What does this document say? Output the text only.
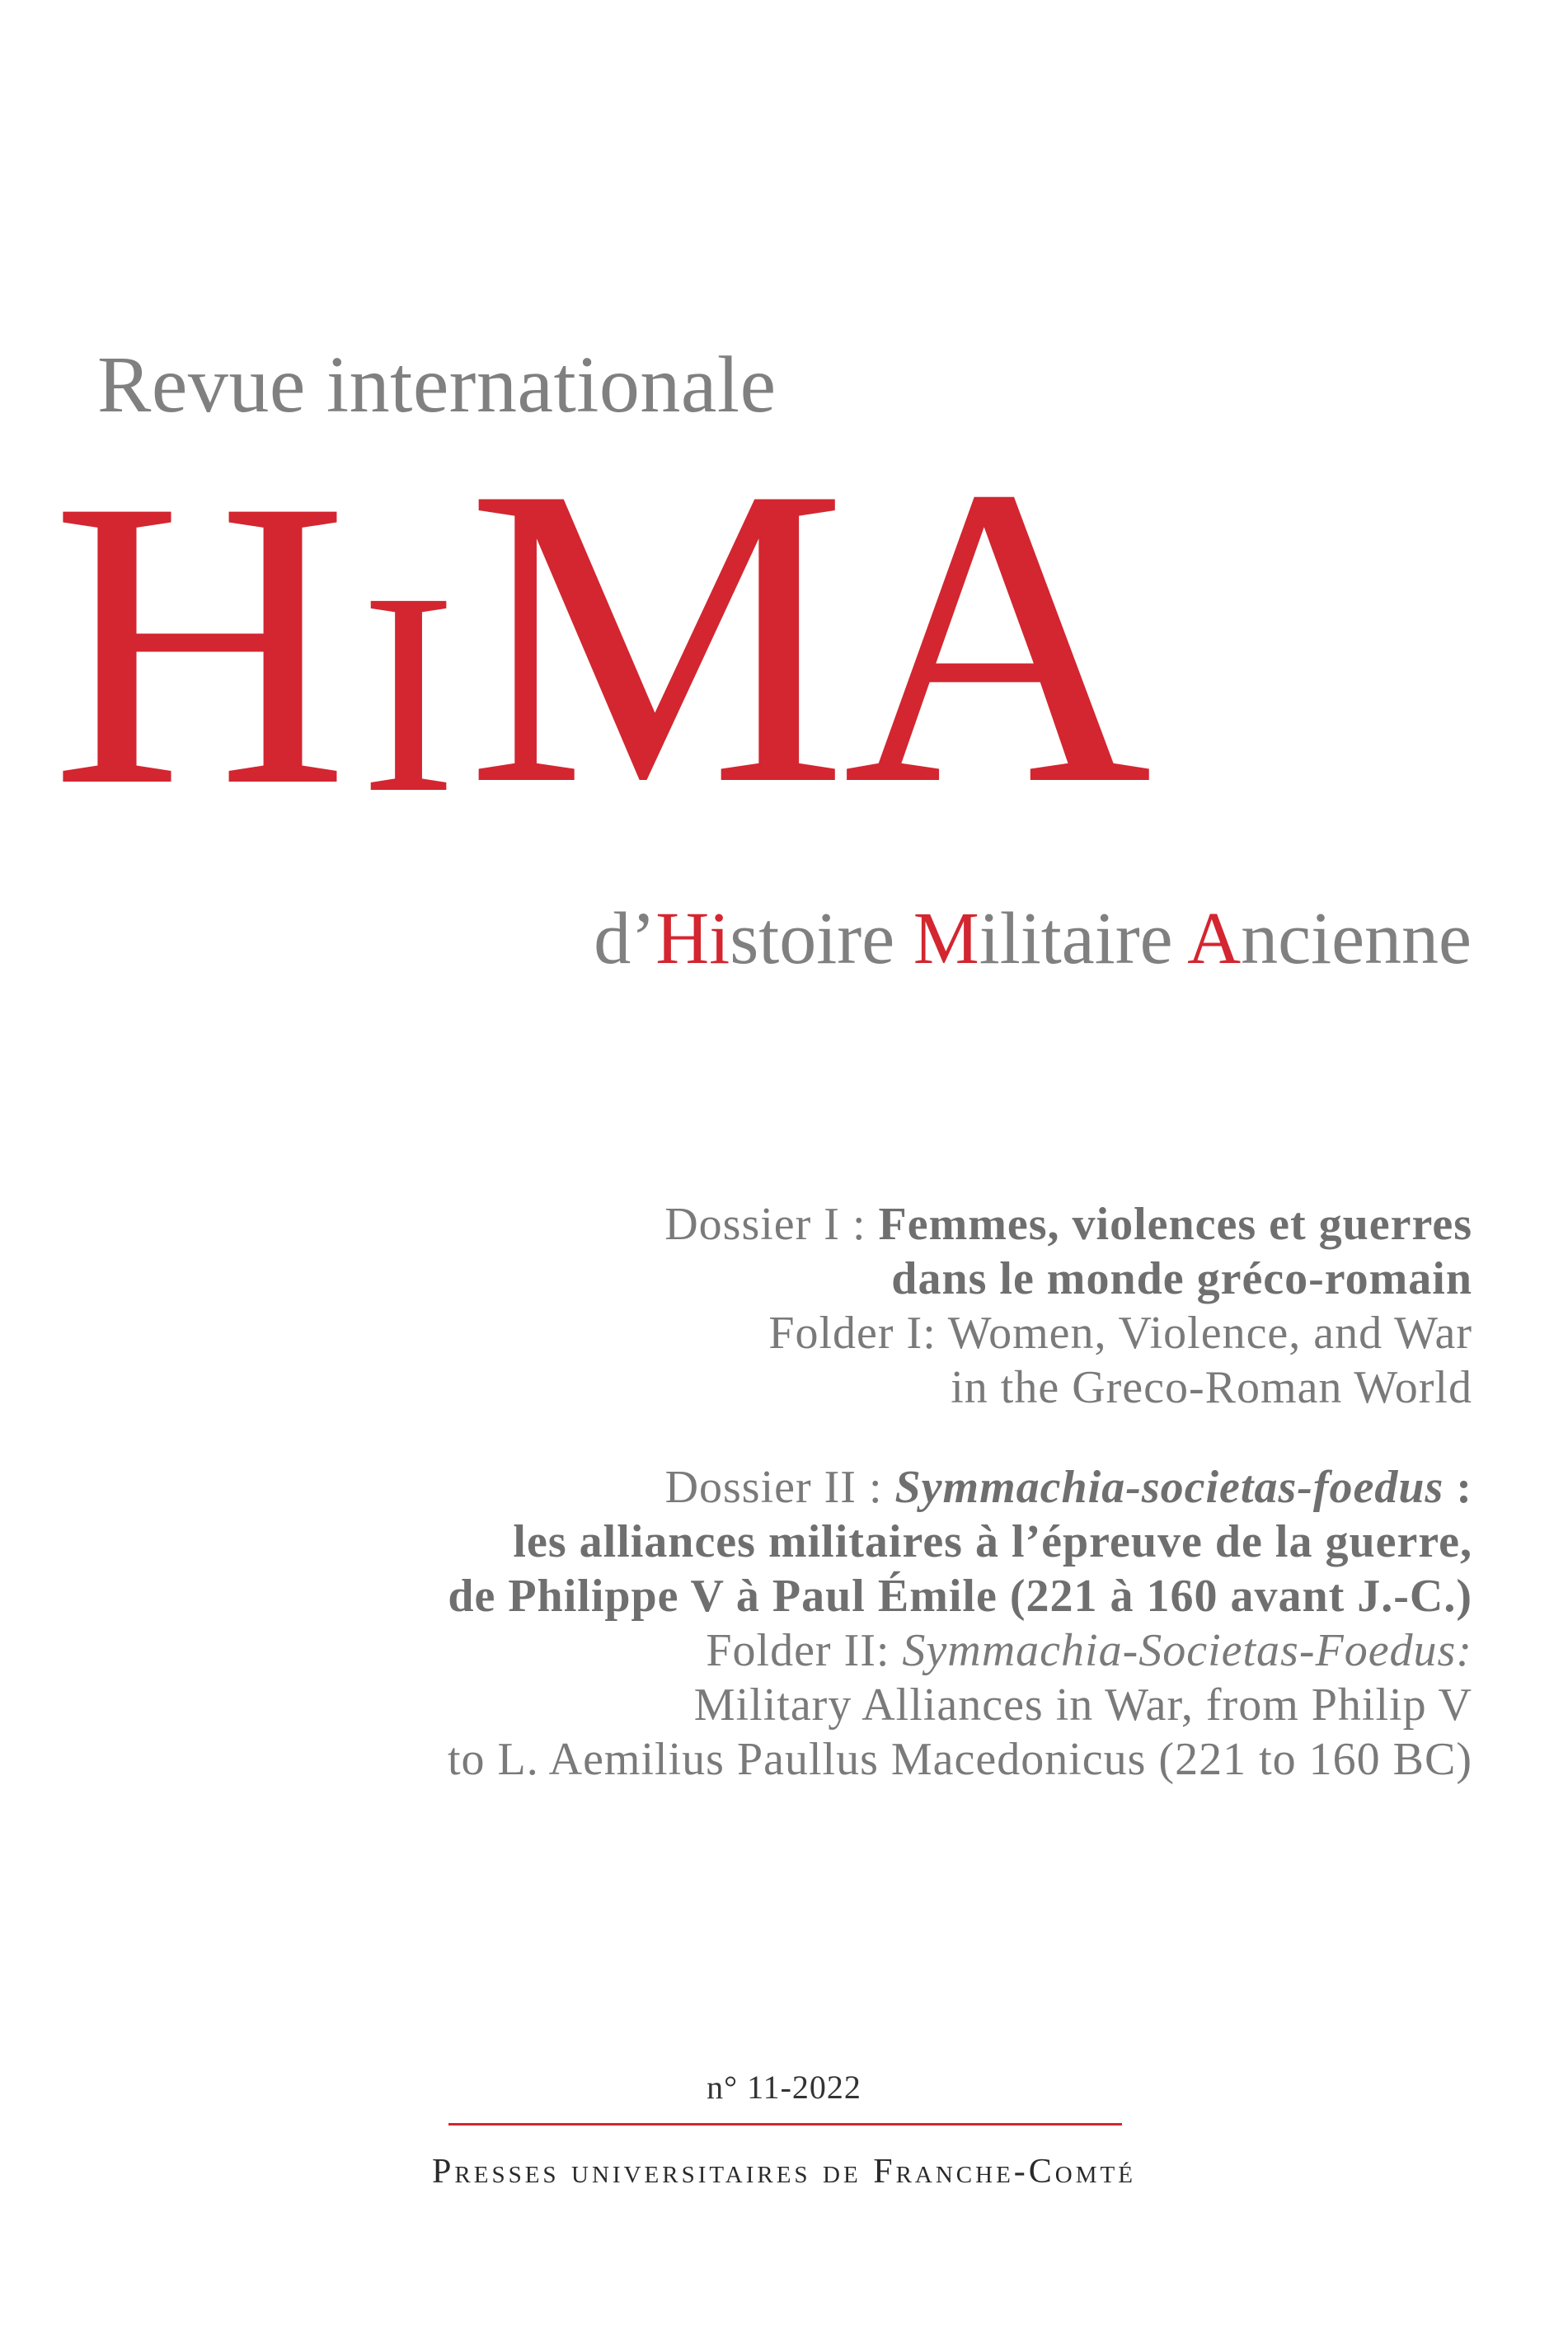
Revue internationale
H I M
A
d’Histoire Militaire Ancienne
Dossier I : Femmes, violences et guerres
dans le monde gréco-romain
Folder I: Women, Violence, and War
in the Greco-Roman World
Dossier II : Symmachia-societas-foedus :
les alliances militaires à l’épreuve de la guerre,
de Philippe V à Paul Émile (221 à 160 avant J.-C.)
Folder II: Symmachia-Societas-Foedus:
Military Alliances in War, from Philip V
to L. Aemilius Paullus Macedonicus (221 to 160 BC)
n° 11-2022
Presses universitaires de Franche-Comté
